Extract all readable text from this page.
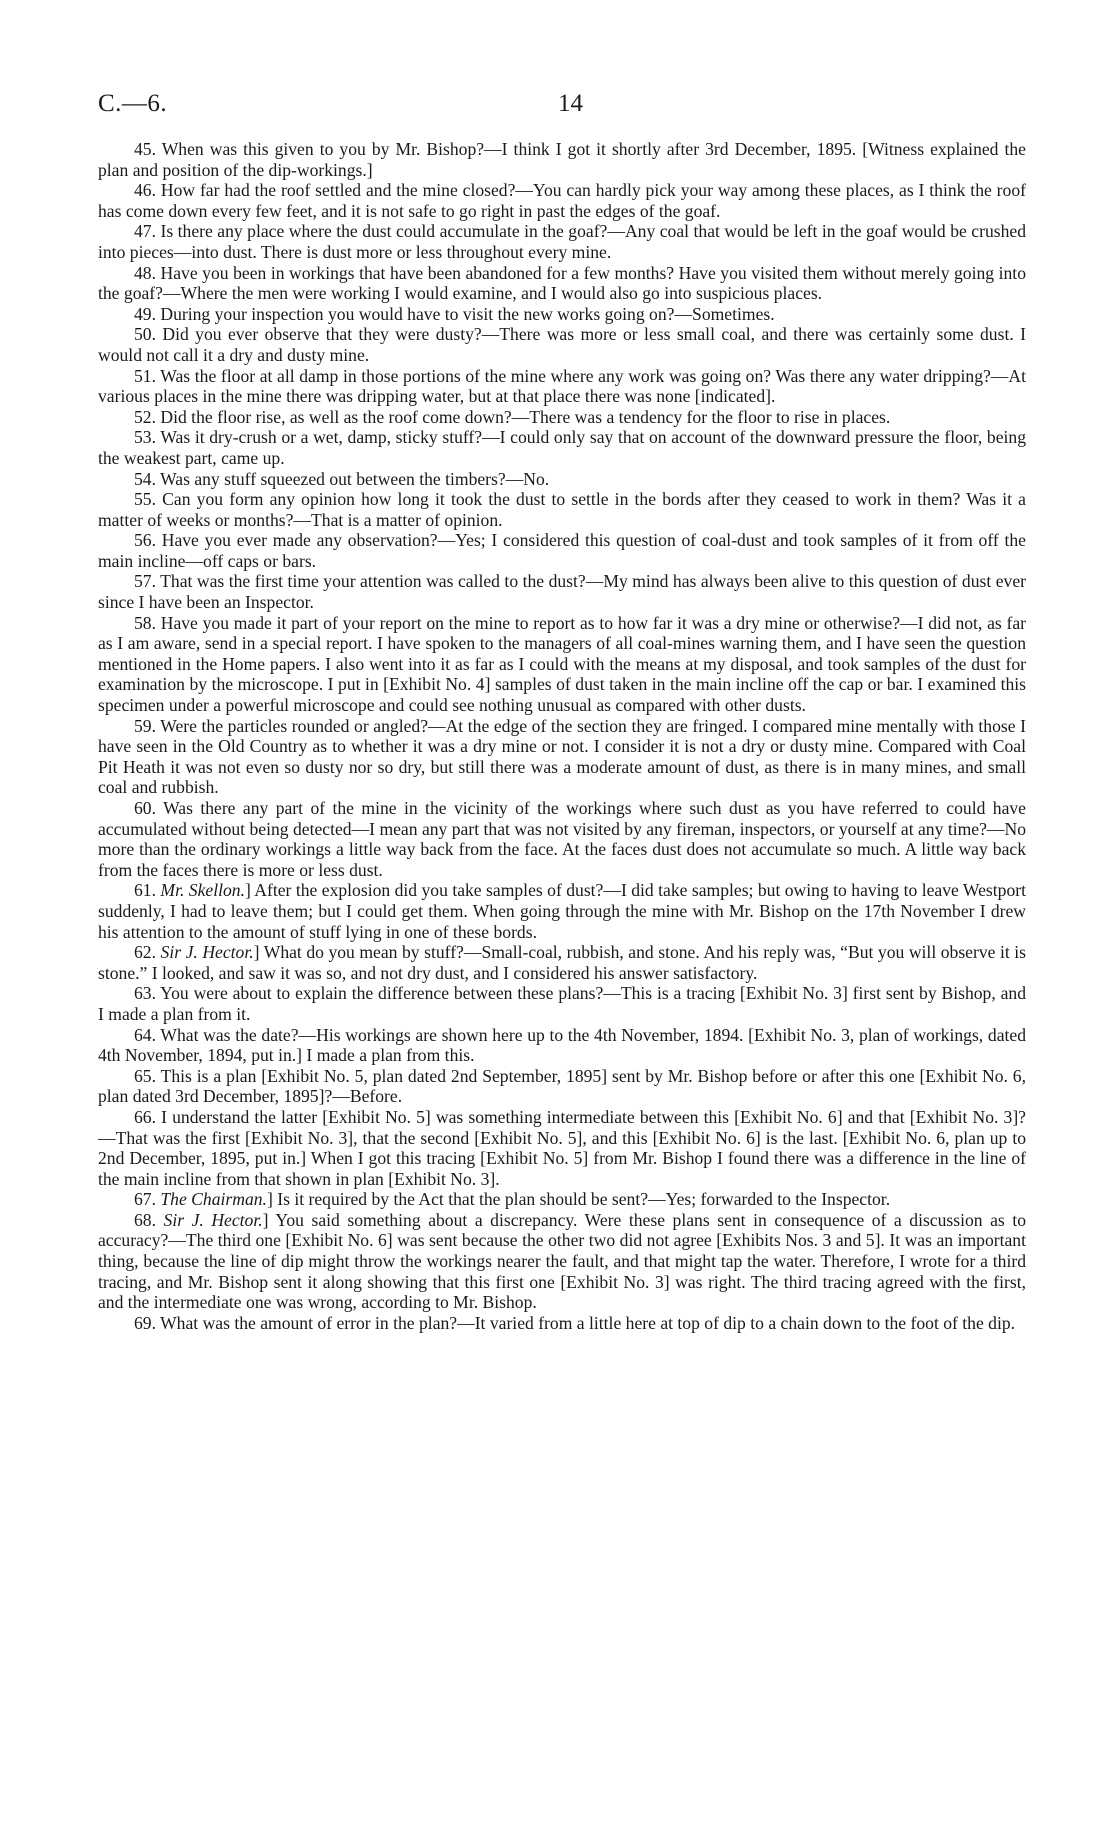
C.—6.	14

45. When was this given to you by Mr. Bishop?—I think I got it shortly after 3rd December, 1895. [Witness explained the plan and position of the dip-workings.]

46. How far had the roof settled and the mine closed?—You can hardly pick your way among these places, as I think the roof has come down every few feet, and it is not safe to go right in past the edges of the goaf.

47. Is there any place where the dust could accumulate in the goaf?—Any coal that would be left in the goaf would be crushed into pieces—into dust. There is dust more or less throughout every mine.

48. Have you been in workings that have been abandoned for a few months? Have you visited them without merely going into the goaf?—Where the men were working I would examine, and I would also go into suspicious places.

49. During your inspection you would have to visit the new works going on?—Sometimes.

50. Did you ever observe that they were dusty?—There was more or less small coal, and there was certainly some dust. I would not call it a dry and dusty mine.

51. Was the floor at all damp in those portions of the mine where any work was going on? Was there any water dripping?—At various places in the mine there was dripping water, but at that place there was none [indicated].

52. Did the floor rise, as well as the roof come down?—There was a tendency for the floor to rise in places.

53. Was it dry-crush or a wet, damp, sticky stuff?—I could only say that on account of the downward pressure the floor, being the weakest part, came up.

54. Was any stuff squeezed out between the timbers?—No.

55. Can you form any opinion how long it took the dust to settle in the bords after they ceased to work in them? Was it a matter of weeks or months?—That is a matter of opinion.

56. Have you ever made any observation?—Yes; I considered this question of coal-dust and took samples of it from off the main incline—off caps or bars.

57. That was the first time your attention was called to the dust?—My mind has always been alive to this question of dust ever since I have been an Inspector.

58. Have you made it part of your report on the mine to report as to how far it was a dry mine or otherwise?—I did not, as far as I am aware, send in a special report. I have spoken to the managers of all coal-mines warning them, and I have seen the question mentioned in the Home papers. I also went into it as far as I could with the means at my disposal, and took samples of the dust for examination by the microscope. I put in [Exhibit No. 4] samples of dust taken in the main incline off the cap or bar. I examined this specimen under a powerful microscope and could see nothing unusual as compared with other dusts.

59. Were the particles rounded or angled?—At the edge of the section they are fringed. I compared mine mentally with those I have seen in the Old Country as to whether it was a dry mine or not. I consider it is not a dry or dusty mine. Compared with Coal Pit Heath it was not even so dusty nor so dry, but still there was a moderate amount of dust, as there is in many mines, and small coal and rubbish.

60. Was there any part of the mine in the vicinity of the workings where such dust as you have referred to could have accumulated without being detected—I mean any part that was not visited by any fireman, inspectors, or yourself at any time?—No more than the ordinary workings a little way back from the face. At the faces dust does not accumulate so much. A little way back from the faces there is more or less dust.

61. Mr. Skellon.] After the explosion did you take samples of dust?—I did take samples; but owing to having to leave Westport suddenly, I had to leave them; but I could get them. When going through the mine with Mr. Bishop on the 17th November I drew his attention to the amount of stuff lying in one of these bords.

62. Sir J. Hector.] What do you mean by stuff?—Small-coal, rubbish, and stone. And his reply was, “But you will observe it is stone.” I looked, and saw it was so, and not dry dust, and I considered his answer satisfactory.

63. You were about to explain the difference between these plans?—This is a tracing [Exhibit No. 3] first sent by Bishop, and I made a plan from it.

64. What was the date?—His workings are shown here up to the 4th November, 1894. [Exhibit No. 3, plan of workings, dated 4th November, 1894, put in.] I made a plan from this.

65. This is a plan [Exhibit No. 5, plan dated 2nd September, 1895] sent by Mr. Bishop before or after this one [Exhibit No. 6, plan dated 3rd December, 1895]?—Before.

66. I understand the latter [Exhibit No. 5] was something intermediate between this [Exhibit No. 6] and that [Exhibit No. 3]?—That was the first [Exhibit No. 3], that the second [Exhibit No. 5], and this [Exhibit No. 6] is the last. [Exhibit No. 6, plan up to 2nd December, 1895, put in.] When I got this tracing [Exhibit No. 5] from Mr. Bishop I found there was a difference in the line of the main incline from that shown in plan [Exhibit No. 3].

67. The Chairman.] Is it required by the Act that the plan should be sent?—Yes; forwarded to the Inspector.

68. Sir J. Hector.] You said something about a discrepancy. Were these plans sent in consequence of a discussion as to accuracy?—The third one [Exhibit No. 6] was sent because the other two did not agree [Exhibits Nos. 3 and 5]. It was an important thing, because the line of dip might throw the workings nearer the fault, and that might tap the water. Therefore, I wrote for a third tracing, and Mr. Bishop sent it along showing that this first one [Exhibit No. 3] was right. The third tracing agreed with the first, and the intermediate one was wrong, according to Mr. Bishop.

69. What was the amount of error in the plan?—It varied from a little here at top of dip to a chain down to the foot of the dip.
